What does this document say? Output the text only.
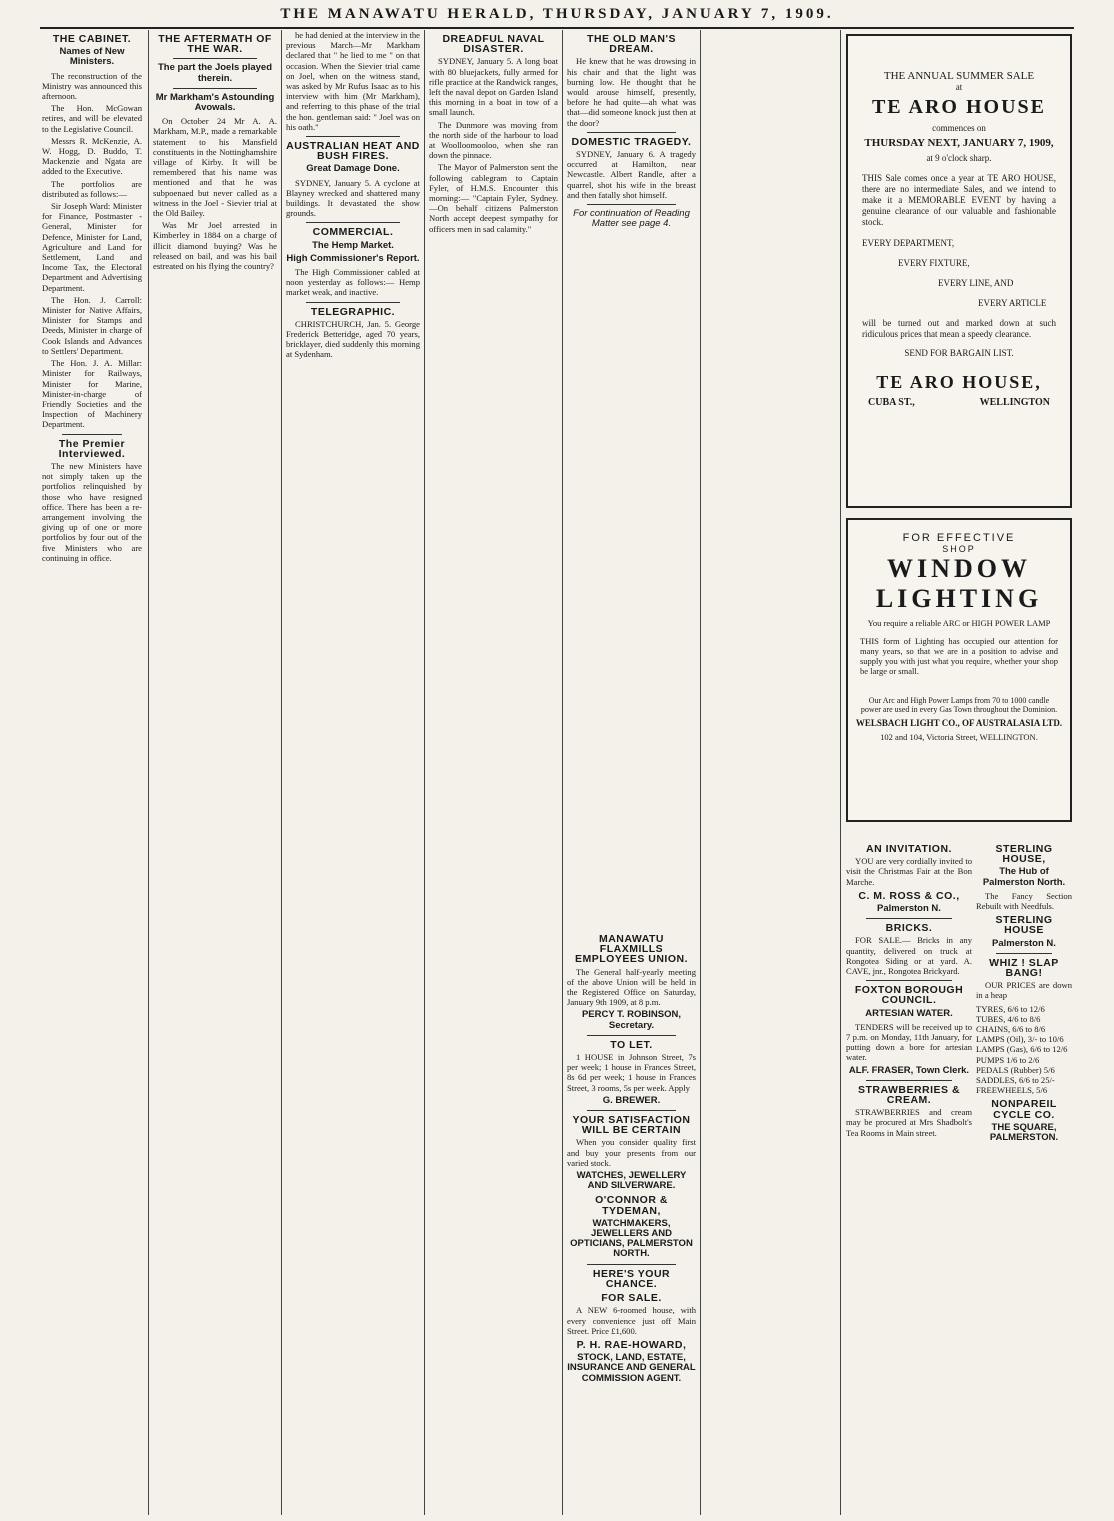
THE MANAWATU HERALD, THURSDAY, JANUARY 7, 1909.
THE CABINET.
Names of New Ministers.

The reconstruction of the Ministry was announced this afternoon.

The Hon. McGowan retires, and will be elevated to the Legislative Council.

Messrs R. McKenzie, A. W. Hogg, D. Buddo, T. Mackenzie and Ngata are added to the Executive.

The portfolios are distributed as follows:—

Sir Joseph Ward: Minister for Finance, Postmaster - General, Minister for Defence, Minister for Land, Agriculture and Land for Settlement, Land and Income Tax, the Electoral Department and Advertising Department.

The Hon. J. Carroll: Minister for Native Affairs, Minister for Stamps and Deeds, Minister in charge of Cook Islands and Advances to Settlers' Department.

The Hon. J. A. Millar: Minister for Railways, Minister for Marine, Minister-in-charge of Friendly Societies and the Inspection of Machinery Department.

The Premier Interviewed.

The new Ministers have not simply taken up the portfolios relinquished by those who have resigned office. There has been a re-arrangement involving the giving up of one or more portfolios by four out of the five Ministers who are continuing in office.

THE AFTERMATH OF THE WAR.
The part the Joels played therein.
Mr Markham's Astounding Avowals.

On October 24 Mr A. A. Markham, M.P., made a remarkable statement to his Mansfield constituents in the Nottinghamshire village of Kirby. It will be remembered that his name was mentioned and that he was subpoenaed but never called as a witness in the Joel - Sievier trial at the Old Bailey.

Was Mr Joel arrested in Kimberley in 1884 on a charge of illicit diamond buying? Was he released on bail, and was his bail estreated on his flying the country?

he had denied at the interview in the previous March—Mr Markham declared that " he lied to me " on that occasion. When the Sievier trial came on Joel, when on the witness stand, was asked by Mr Rufus Isaac as to his interview with him (Mr Markham), and referring to this phase of the trial the hon. gentleman said: " Joel was on his oath."

AUSTRALIAN HEAT AND BUSH FIRES.
Great Damage Done.

SYDNEY, January 5. A cyclone at Blayney wrecked and shattered many buildings. It devastated the show grounds.

COMMERCIAL.
The Hemp Market.
High Commissioner's Report.

The High Commissioner cabled at noon yesterday as follows:— Hemp market weak, and inactive.

TELEGRAPHIC.

CHRISTCHURCH, Jan. 5. George Frederick Betteridge, aged 70 years, bricklayer, died suddenly this morning at Sydenham.

DREADFUL NAVAL DISASTER.

SYDNEY, January 5. A long boat with 80 bluejackets, fully armed for rifle practice at the Randwick ranges, left the naval depot on Garden Island this morning in a boat in tow of a small launch.

The Dunmore was moving from the north side of the harbour to load at Woolloomooloo, when she ran down the pinnace.

The Mayor of Palmerston sent the following cablegram to Captain Fyler, of H.M.S. Encounter this morning:— "Captain Fyler, Sydney.—On behalf citizens Palmerston North accept deepest sympathy for officers men in sad calamity."

THE OLD MAN'S DREAM.

He knew that he was drowsing in his chair and that the light was burning low. He thought that he would arouse himself, presently, before he had quite—ah what was that—did someone knock just then at the door?

DOMESTIC TRAGEDY.

SYDNEY, January 6. A tragedy occurred at Hamilton, near Newcastle. Albert Randle, after a quarrel, shot his wife in the breast and then fatally shot himself.

For continuation of Reading Matter see page 4.
MANAWATU FLAXMILLS EMPLOYEES UNION.

The General half-yearly meeting of the above Union will be held in the Registered Office on Saturday, January 9th 1909, at 8 p.m.

PERCY T. ROBINSON, Secretary.
TO LET.

1 HOUSE in Johnson Street, 7s per week; 1 house in Frances Street, 8s 6d per week; 1 house in Frances Street, 3 rooms, 5s per week. Apply

G. BREWER.
YOUR SATISFACTION WILL BE CERTAIN

When you consider quality first and buy your presents from our varied stock.

WATCHES, JEWELLERY AND SILVERWARE.
O'CONNOR & TYDEMAN,
WATCHMAKERS, JEWELLERS AND OPTICIANS, PALMERSTON NORTH.
HERE'S YOUR CHANCE.
FOR SALE.

A NEW 6-roomed house, with every convenience just off Main Street. Price £1,600.

P. H. RAE-HOWARD,
STOCK, LAND, ESTATE, INSURANCE AND GENERAL COMMISSION AGENT.
THE ANNUAL SUMMER SALE
at
TE ARO HOUSE
commences on
THURSDAY NEXT, JANUARY 7, 1909,
at 9 o'clock sharp.
THIS Sale comes once a year at TE ARO HOUSE, there are no intermediate Sales, and we intend to make it a MEMORABLE EVENT by having a genuine clearance of our valuable and fashionable stock.
EVERY DEPARTMENT,
EVERY FIXTURE,
EVERY LINE, AND
EVERY ARTICLE
will be turned out and marked down at such ridiculous prices that mean a speedy clearance.
SEND FOR BARGAIN LIST.
TE ARO HOUSE,
CUBA ST.,	WELLINGTON
FOR EFFECTIVE
SHOP
WINDOW
LIGHTING
You require a reliable ARC or HIGH POWER LAMP
THIS form of Lighting has occupied our attention for many years, so that we are in a position to advise and supply you with just what you require, whether your shop be large or small.
Our Arc and High Power Lamps from 70 to 1000 candle power are used in every Gas Town throughout the Dominion.
WELSBACH LIGHT CO., OF AUSTRALASIA LTD.
102 and 104, Victoria Street, WELLINGTON.
AN INVITATION.

YOU are very cordially invited to visit the Christmas Fair at the Bon Marche.

C. M. ROSS & CO.,
Palmerston N.
BRICKS.

FOR SALE.— Bricks in any quantity, delivered on truck at Rongotea Siding or at yard. A. CAVE, jnr., Rongotea Brickyard.

FOXTON BOROUGH COUNCIL.
ARTESIAN WATER.

TENDERS will be received up to 7 p.m. on Monday, 11th January, for putting down a bore for artesian water.

ALF. FRASER, Town Clerk.
STRAWBERRIES & CREAM.

STRAWBERRIES and cream may be procured at Mrs Shadbolt's Tea Rooms in Main street.

STERLING HOUSE,
The Hub of Palmerston North.

The Fancy Section Rebuilt with Needfuls.

STERLING HOUSE
Palmerston N.
WHIZ ! SLAP BANG!

OUR PRICES are down in a heap

TYRES, 6/6 to 12/6
TUBES, 4/6 to 8/6
CHAINS, 6/6 to 8/6
LAMPS (Oil), 3/- to 10/6
LAMPS (Gas), 6/6 to 12/6
PUMPS 1/6 to 2/6
PEDALS (Rubber) 5/6
SADDLES, 6/6 to 25/-
FREEWHEELS, 5/6
NONPAREIL CYCLE CO.
THE SQUARE, PALMERSTON.
